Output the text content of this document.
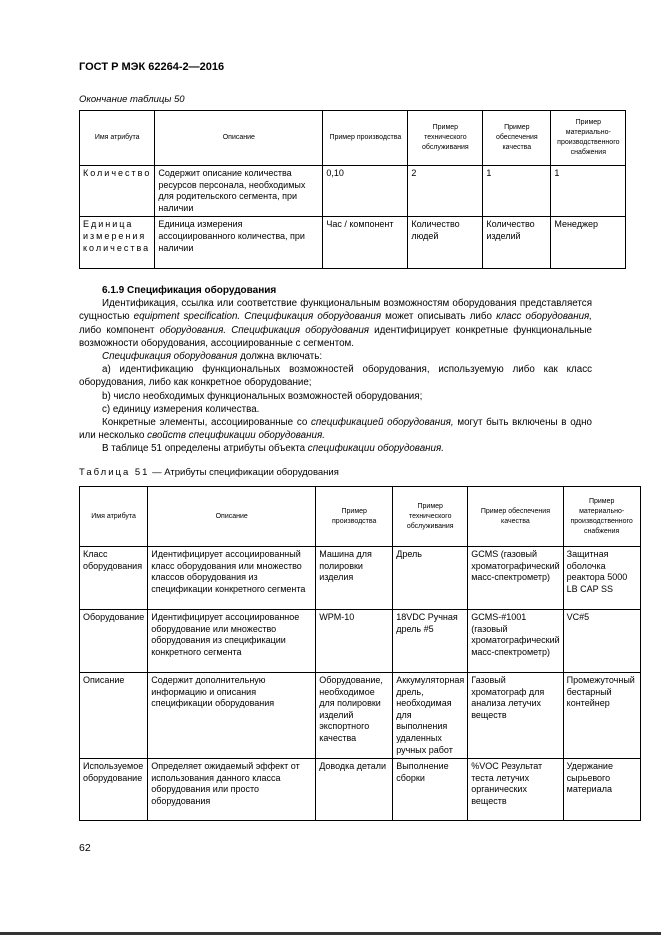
ГОСТ Р МЭК 62264-2—2016
Окончание таблицы 50
Имя атрибута	Описание	Пример производства	Пример технического обслуживания	Пример обеспечения качества	Пример материально-производственного снабжения
Количество	Содержит описание количества ресурсов персонала, необходимых для родительского сегмента, при наличии	0,10	2	1	1
Единица измерения количества	Единица измерения ассоциированного количества, при наличии	Час / компонент	Количество людей	Количество изделий	Менеджер
6.1.9 Спецификация оборудования

Идентификация, ссылка или соответствие функциональным возможностям оборудования представляется сущностью equipment specification. Спецификация оборудования может описывать либо класс оборудования, либо компонент оборудования. Спецификация оборудования идентифицирует конкретные функциональные возможности оборудования, ассоциированные с сегментом.

Спецификация оборудования должна включать:

а) идентификацию функциональных возможностей оборудования, используемую либо как класс оборудования, либо как конкретное оборудование;

b) число необходимых функциональных возможностей оборудования;

с) единицу измерения количества.

Конкретные элементы, ассоциированные со спецификацией оборудования, могут быть включены в одно или несколько свойств спецификации оборудования.

В таблице 51 определены атрибуты объекта спецификации оборудования.

Таблица 51 — Атрибуты спецификации оборудования
Имя атрибута	Описание	Пример производства	Пример технического обслуживания	Пример обеспечения качества	Пример материально-производственного снабжения
Класс оборудования	Идентифицирует ассоциированный класс оборудования или множество классов оборудования из спецификации конкретного сегмента	Машина для полировки изделия	Дрель	GCMS (газовый хроматографический масс-спектрометр)	Защитная оболочка реактора 5000 LB CAP SS
Оборудование	Идентифицирует ассоциированное оборудование или множество оборудования из спецификации конкретного сегмента	WPM-10	18VDC Ручная дрель #5	GCMS-#1001 (газовый хроматографический масс-спектрометр)	VC#5
Описание	Содержит дополнительную информацию и описания спецификации оборудования	Оборудование, необходимое для полировки изделий экспортного качества	Аккумуляторная дрель, необходимая для выполнения удаленных ручных работ	Газовый хроматограф для анализа летучих веществ	Промежуточный бестарный контейнер
Используемое оборудование	Определяет ожидаемый эффект от использования данного класса оборудования или просто оборудования	Доводка детали	Выполнение сборки	%VOC Результат теста летучих органических веществ	Удержание сырьевого материала
62
